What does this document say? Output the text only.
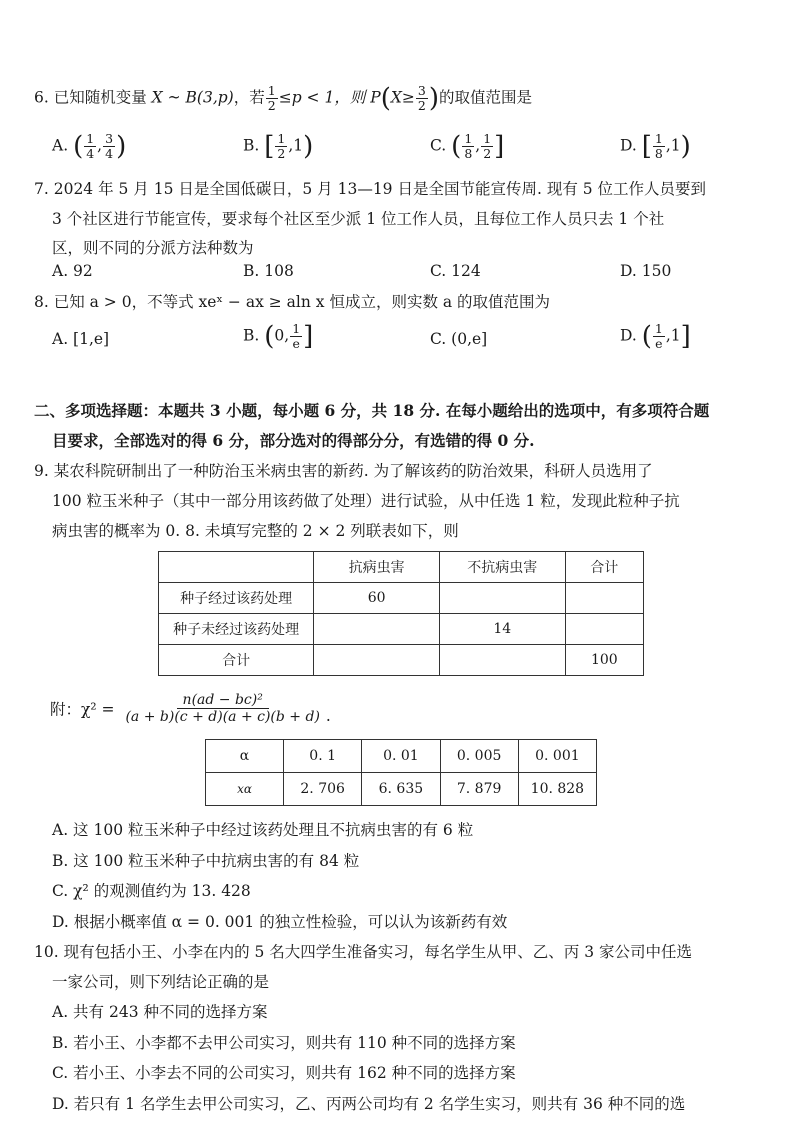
6. 已知随机变量 X ~ B(3,p)，若 $\frac{1}{2} \le p < 1$，则 $P(X\ge \frac{3}{2}$ )的取值范围是
A. ( $\frac{1}{4}$ , $\frac{3}{4}$ )	B. [ $\frac{1}{2} ,1$)	C. ( $\frac{1}{8}$ , $\frac{1}{2}$ ]	D. [ $\frac{1}{8} ,1$)
7. 2024 年 5 月 15 日是全国低碳日，5 月 13—19 日是全国节能宣传周. 现有 5 位工作人员要到
3 个社区进行节能宣传，要求每个社区至少派 1 位工作人员，且每位工作人员只去 1 个社
区，则不同的分派方法种数为
A. 92	B. 108	C. 124	D. 150
8. 已知 a > 0，不等式 xeˣ − ax ≥ aln x 恒成立，则实数 a 的取值范围为
A. [1,e]	B. (0, $\frac{1}{e}$ ]	C. (0,e]	D. ( $\frac{1}{e} ,1$]
二、多项选择题：本题共 3 小题，每小题 6 分，共 18 分. 在每小题给出的选项中，有多项符合题
目要求，全部选对的得 6 分，部分选对的得部分分，有选错的得 0 分.
9. 某农科院研制出了一种防治玉米病虫害的新药. 为了解该药的防治效果，科研人员选用了
100 粒玉米种子（其中一部分用该药做了处理）进行试验，从中任选 1 粒，发现此粒种子抗
病虫害的概率为 0. 8. 未填写完整的 2 × 2 列联表如下，则
	抗病虫害	不抗病虫害	合计
种子经过该药处理	60		
种子未经过该药处理		14	
合计			100
附：$\chi^2 = \frac{\text{n(ad − bc)²}}{(a + b)(c + d)(a + c)(b + d)}$ .
α	0. 1	0. 01	0. 005	0. 001
xα	2. 706	6. 635	7. 879	10. 828
A. 这 100 粒玉米种子中经过该药处理且不抗病虫害的有 6 粒
B. 这 100 粒玉米种子中抗病虫害的有 84 粒
C. χ² 的观测值约为 13. 428
D. 根据小概率值 α = 0. 001 的独立性检验，可以认为该新药有效
10. 现有包括小王、小李在内的 5 名大四学生准备实习，每名学生从甲、乙、丙 3 家公司中任选
一家公司，则下列结论正确的是
A. 共有 243 种不同的选择方案
B. 若小王、小李都不去甲公司实习，则共有 110 种不同的选择方案
C. 若小王、小李去不同的公司实习，则共有 162 种不同的选择方案
D. 若只有 1 名学生去甲公司实习，乙、丙两公司均有 2 名学生实习，则共有 36 种不同的选
